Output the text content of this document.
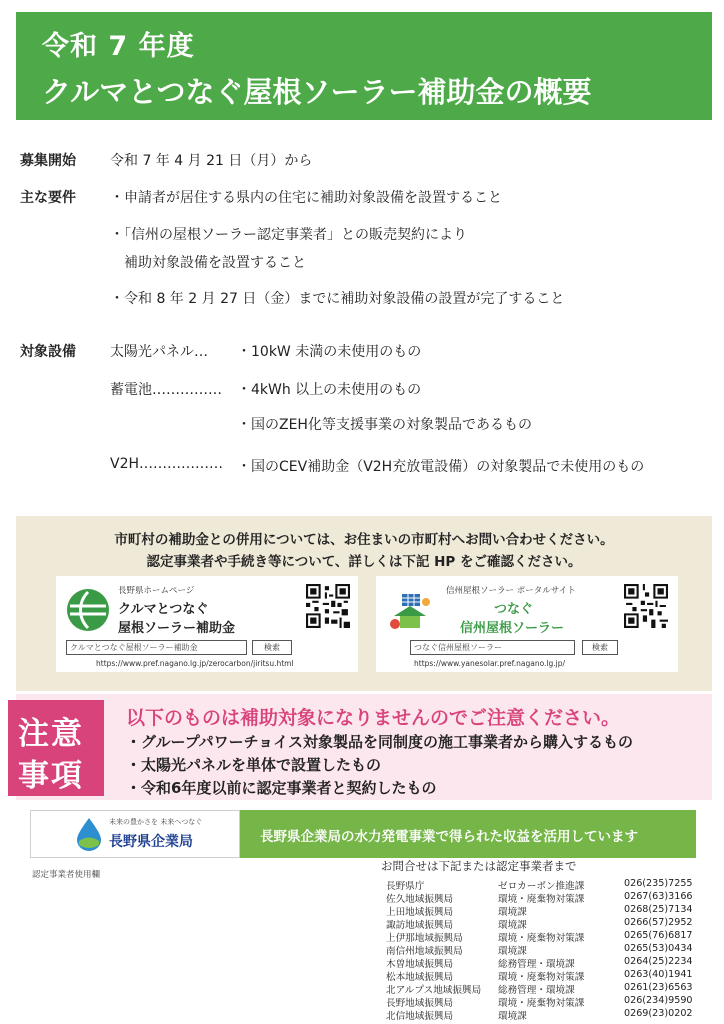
令和 7 年度
クルマとつなぐ屋根ソーラー補助金の概要
募集開始 令和 7 年 4 月 21 日（月）から
主な要件 ・申請者が居住する県内の住宅に補助対象設備を設置すること
・「信州の屋根ソーラー認定事業者」との販売契約により
補助対象設備を設置すること
・令和 8 年 2 月 27 日（金）までに補助対象設備の設置が完了すること
対象設備 太陽光パネル… ・10kW 未満の未使用のもの
蓄電池…………… ・4kWh 以上の未使用のもの
・国のZEH化等支援事業の対象製品であるもの
V2H……………… ・国のCEV補助金（V2H充放電設備）の対象製品で未使用のもの
市町村の補助金との併用については、お住まいの市町村へお問い合わせください。
認定事業者や手続き等について、詳しくは下記 HP をご確認ください。
長野県ホームページ
クルマとつなぐ
屋根ソーラー補助金
クルマとつなぐ屋根ソーラー補助金	検索
https://www.pref.nagano.lg.jp/zerocarbon/jiritsu.html
信州屋根ソーラー ポータルサイト
つなぐ
信州屋根ソーラー
つなぐ信州屋根ソーラー	検索
https://www.yanesolar.pref.nagano.lg.jp/
注意
事項
以下のものは補助対象になりませんのでご注意ください。
・グループパワーチョイス対象製品を同制度の施工事業者から購入するもの
・太陽光パネルを単体で設置したもの
・令和6年度以前に認定事業者と契約したもの
未来の豊かさを 未来へつなぐ
長野県企業局	長野県企業局の水力発電事業で得られた収益を活用しています
認定事業者使用欄
お問合せは下記または認定事業者まで
長野県庁	ゼロカーボン推進課	026(235)7255
佐久地域振興局	環境・廃棄物対策課	0267(63)3166
上田地域振興局	環境課	0268(25)7134
諏訪地域振興局	環境課	0266(57)2952
上伊那地域振興局	環境・廃棄物対策課	0265(76)6817
南信州地域振興局	環境課	0265(53)0434
木曽地域振興局	総務管理・環境課	0264(25)2234
松本地域振興局	環境・廃棄物対策課	0263(40)1941
北アルプス地域振興局 総務管理・環境課	0261(23)6563
長野地域振興局	環境・廃棄物対策課	026(234)9590
北信地域振興局	環境課	0269(23)0202
